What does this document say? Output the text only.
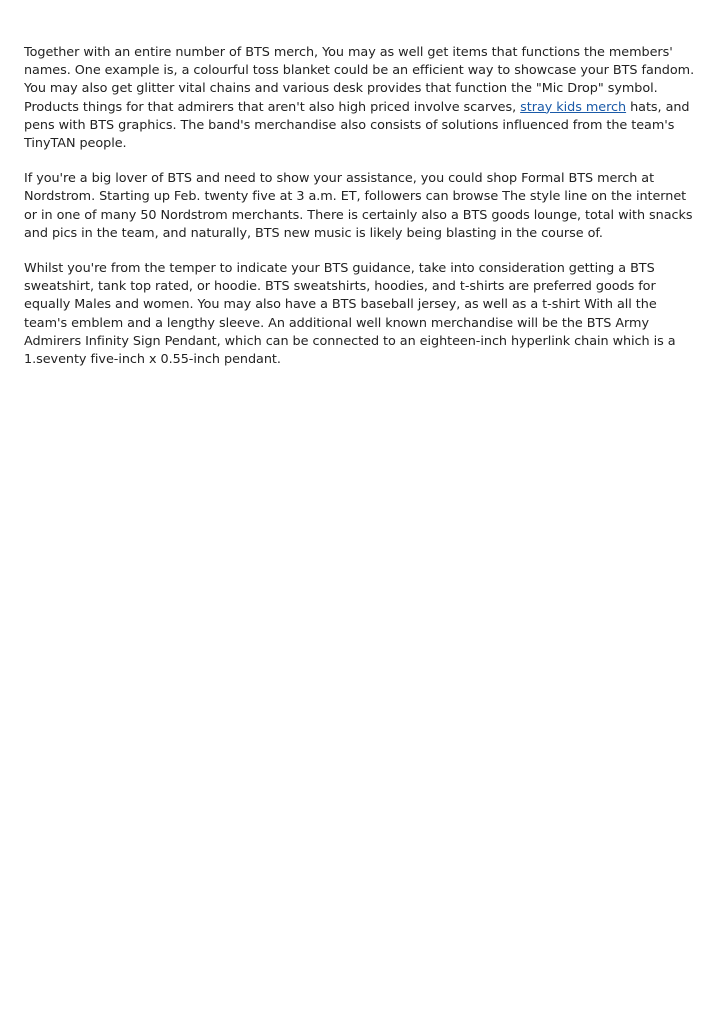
Together with an entire number of BTS merch, You may as well get items that functions the members' names. One example is, a colourful toss blanket could be an efficient way to showcase your BTS fandom. You may also get glitter vital chains and various desk provides that function the "Mic Drop" symbol. Products things for that admirers that aren't also high priced involve scarves, stray kids merch hats, and pens with BTS graphics. The band's merchandise also consists of solutions influenced from the team's TinyTAN people.

If you're a big lover of BTS and need to show your assistance, you could shop Formal BTS merch at Nordstrom. Starting up Feb. twenty five at 3 a.m. ET, followers can browse The style line on the internet or in one of many 50 Nordstrom merchants. There is certainly also a BTS goods lounge, total with snacks and pics in the team, and naturally, BTS new music is likely being blasting in the course of.

Whilst you're from the temper to indicate your BTS guidance, take into consideration getting a BTS sweatshirt, tank top rated, or hoodie. BTS sweatshirts, hoodies, and t-shirts are preferred goods for equally Males and women. You may also have a BTS baseball jersey, as well as a t-shirt With all the team's emblem and a lengthy sleeve. An additional well known merchandise will be the BTS Army Admirers Infinity Sign Pendant, which can be connected to an eighteen-inch hyperlink chain which is a 1.seventy five-inch x 0.55-inch pendant.
